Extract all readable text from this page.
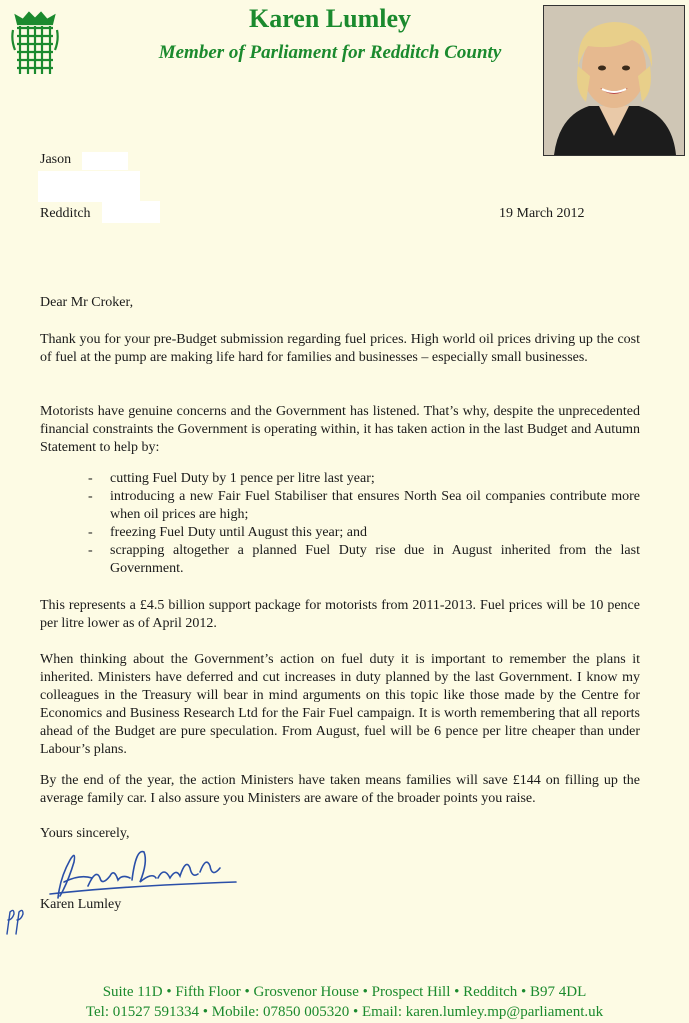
Karen Lumley
Member of Parliament for Redditch County
Jason
Redditch	19 March 2012
Dear Mr Croker,

Thank you for your pre-Budget submission regarding fuel prices. High world oil prices driving up the cost of fuel at the pump are making life hard for families and businesses – especially small businesses.

Motorists have genuine concerns and the Government has listened. That’s why, despite the unprecedented financial constraints the Government is operating within, it has taken action in the last Budget and Autumn Statement to help by:

- cutting Fuel Duty by 1 pence per litre last year;
- introducing a new Fair Fuel Stabiliser that ensures North Sea oil companies contribute more when oil prices are high;
- freezing Fuel Duty until August this year; and
- scrapping altogether a planned Fuel Duty rise due in August inherited from the last Government.

This represents a £4.5 billion support package for motorists from 2011-2013. Fuel prices will be 10 pence per litre lower as of April 2012.

When thinking about the Government’s action on fuel duty it is important to remember the plans it inherited. Ministers have deferred and cut increases in duty planned by the last Government. I know my colleagues in the Treasury will bear in mind arguments on this topic like those made by the Centre for Economics and Business Research Ltd for the Fair Fuel campaign. It is worth remembering that all reports ahead of the Budget are pure speculation. From August, fuel will be 6 pence per litre cheaper than under Labour’s plans.

By the end of the year, the action Ministers have taken means families will save £144 on filling up the average family car. I also assure you Ministers are aware of the broader points you raise.

Yours sincerely,
Karen Lumley

Suite 11D • Fifth Floor • Grosvenor House • Prospect Hill • Redditch • B97 4DL

Tel: 01527 591334 • Mobile: 07850 005320 • Email: karen.lumley.mp@parliament.uk
